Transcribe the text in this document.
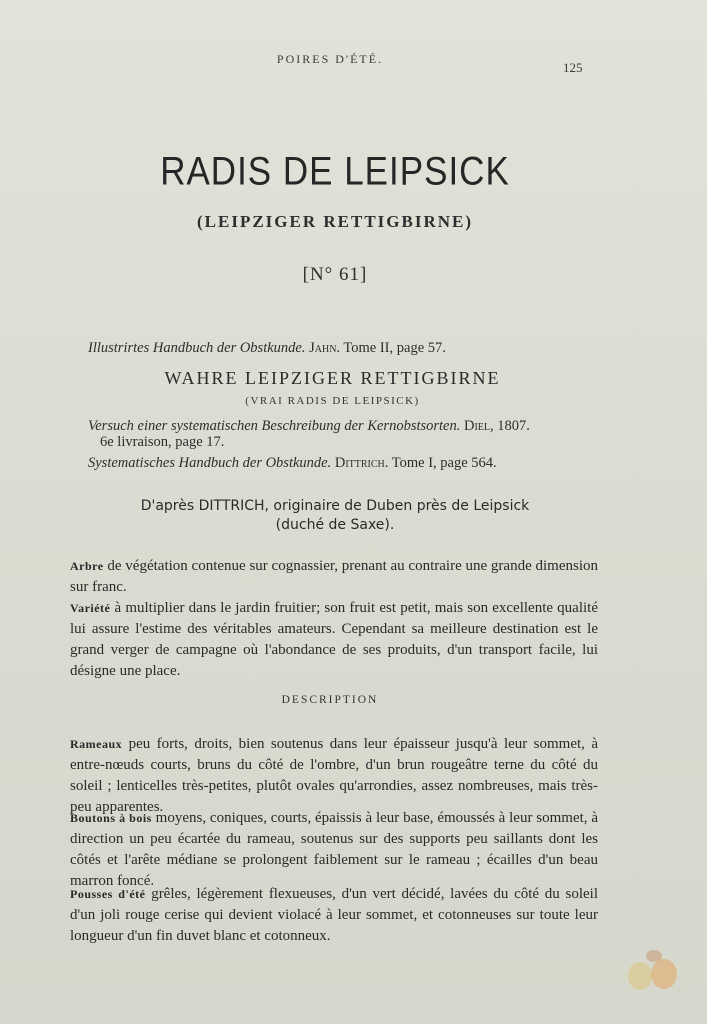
POIRES D'ÉTÉ.
125
RADIS DE LEIPSICK
(LEIPZIGER RETTIGBIRNE)
[N° 61]
Illustrirtes Handbuch der Obstkunde. Jahn. Tome II, page 57.
WAHRE LEIPZIGER RETTIGBIRNE
(VRAI RADIS DE LEIPSICK)
Versuch einer systematischen Beschreibung der Kernobstsorten. Diel, 1807.
6e livraison, page 17.
Systematisches Handbuch der Obstkunde. Dittrich. Tome I, page 564.
D'après DITTRICH, originaire de Duben près de Leipsick
(duché de Saxe).
Arbre de végétation contenue sur cognassier, prenant au contraire une grande dimension sur franc.
Variété à multiplier dans le jardin fruitier; son fruit est petit, mais son excellente qualité lui assure l'estime des véritables amateurs. Cependant sa meilleure destination est le grand verger de campagne où l'abondance de ses produits, d'un transport facile, lui désigne une place.
DESCRIPTION
Rameaux peu forts, droits, bien soutenus dans leur épaisseur jusqu'à leur sommet, à entre-nœuds courts, bruns du côté de l'ombre, d'un brun rougeâtre terne du côté du soleil ; lenticelles très-petites, plutôt ovales qu'arrondies, assez nombreuses, mais très-peu apparentes.
Boutons à bois moyens, coniques, courts, épaissis à leur base, émoussés à leur sommet, à direction un peu écartée du rameau, soutenus sur des supports peu saillants dont les côtés et l'arête médiane se prolongent faiblement sur le rameau ; écailles d'un beau marron foncé.
Pousses d'été grêles, légèrement flexueuses, d'un vert décidé, lavées du côté du soleil d'un joli rouge cerise qui devient violacé à leur sommet, et cotonneuses sur toute leur longueur d'un fin duvet blanc et cotonneux.
